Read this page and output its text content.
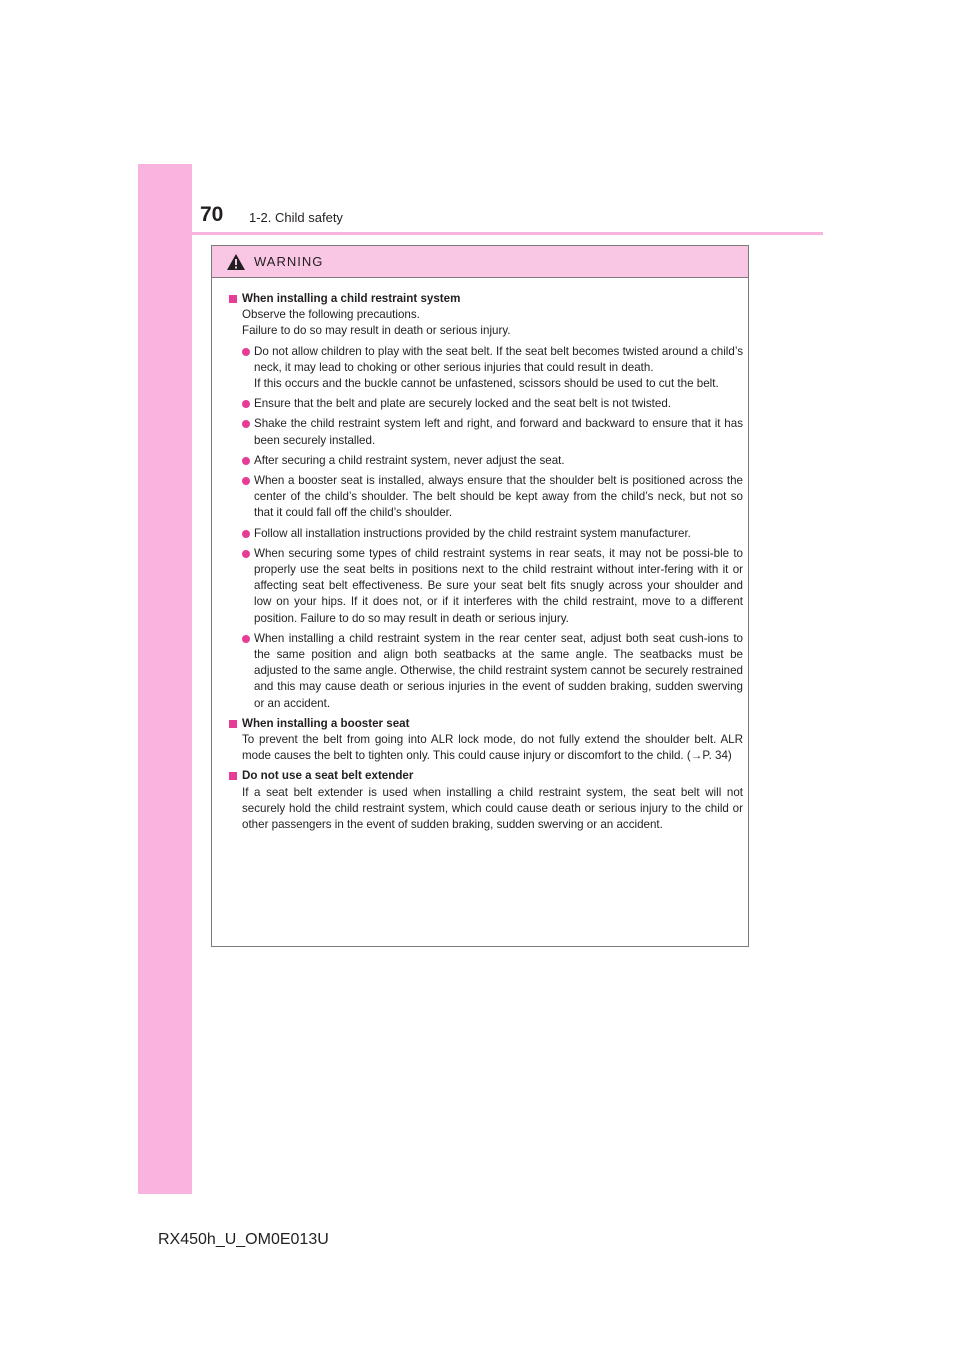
70 1-2. Child safety
WARNING
When installing a child restraint system
Observe the following precautions.
Failure to do so may result in death or serious injury.
Do not allow children to play with the seat belt. If the seat belt becomes twisted around a child’s neck, it may lead to choking or other serious injuries that could result in death.
If this occurs and the buckle cannot be unfastened, scissors should be used to cut the belt.
Ensure that the belt and plate are securely locked and the seat belt is not twisted.
Shake the child restraint system left and right, and forward and backward to ensure that it has been securely installed.
After securing a child restraint system, never adjust the seat.
When a booster seat is installed, always ensure that the shoulder belt is positioned across the center of the child’s shoulder. The belt should be kept away from the child’s neck, but not so that it could fall off the child’s shoulder.
Follow all installation instructions provided by the child restraint system manufacturer.
When securing some types of child restraint systems in rear seats, it may not be possi-ble to properly use the seat belts in positions next to the child restraint without inter-fering with it or affecting seat belt effectiveness. Be sure your seat belt fits snugly across your shoulder and low on your hips. If it does not, or if it interferes with the child restraint, move to a different position. Failure to do so may result in death or serious injury.
When installing a child restraint system in the rear center seat, adjust both seat cush-ions to the same position and align both seatbacks at the same angle. The seatbacks must be adjusted to the same angle. Otherwise, the child restraint system cannot be securely restrained and this may cause death or serious injuries in the event of sudden braking, sudden swerving or an accident.
When installing a booster seat
To prevent the belt from going into ALR lock mode, do not fully extend the shoulder belt. ALR mode causes the belt to tighten only. This could cause injury or discomfort to the child. (→P. 34)
Do not use a seat belt extender
If a seat belt extender is used when installing a child restraint system, the seat belt will not securely hold the child restraint system, which could cause death or serious injury to the child or other passengers in the event of sudden braking, sudden swerving or an accident.
RX450h_U_OM0E013U
